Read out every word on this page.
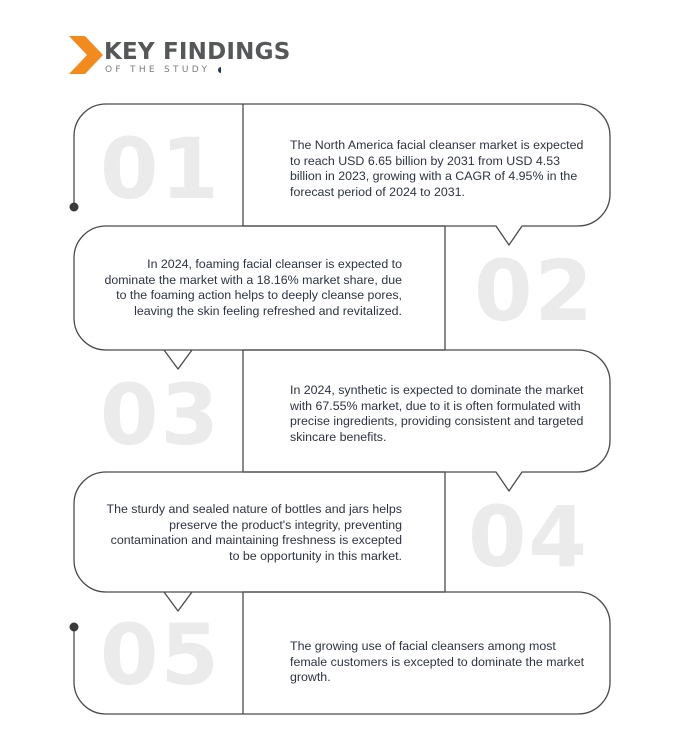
KEY FINDINGS

OF THE STUDY

01
02
03
04
05

The North America facial cleanser market is expected to reach USD 6.65 billion by 2031 from USD 4.53 billion in 2023, growing with a CAGR of 4.95% in the forecast period of 2024 to 2031.

In 2024, foaming facial cleanser is expected to dominate the market with a 18.16% market share, due to the foaming action helps to deeply cleanse pores, leaving the skin feeling refreshed and revitalized.

In 2024, synthetic is expected to dominate the market with 67.55% market, due to it is often formulated with precise ingredients, providing consistent and targeted skincare benefits.

The sturdy and sealed nature of bottles and jars helps preserve the product's integrity, preventing contamination and maintaining freshness is excepted to be opportunity in this market.

The growing use of facial cleansers among most female customers is excepted to dominate the market growth.
